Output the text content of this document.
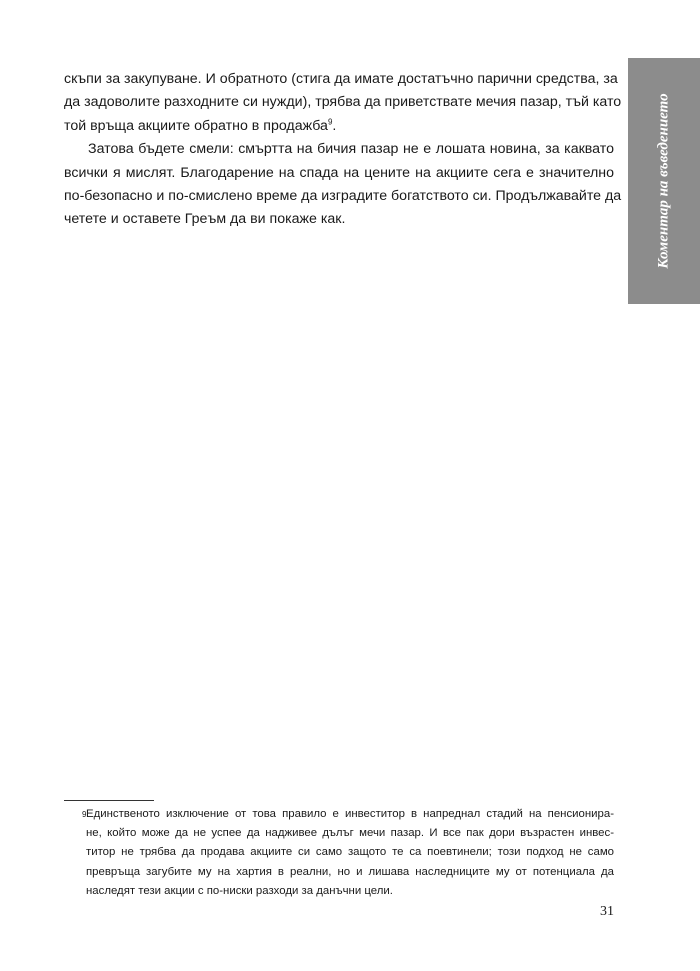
скъпи за закупуване. И обратното (стига да имате достатъчно парични средства, за
да задоволите разходните си нужди), трябва да приветствате мечия пазар, тъй като
той връща акциите обратно в продажба$^9$.

Затова бъдете смели: смъртта на бичия пазар не е лошата новина, за каквато
всички я мислят. Благодарение на спада на цените на акциите сега е значително
по-безопасно и по-смислено време да изградите богатството си. Продължавайте да
четете и оставете Греъм да ви покаже как.	Коментар на въведението
9 Единственото изключение от това правило е инвеститор в напреднал стадий на пенсионира-
не, който може да не успее да надживее дълъг мечи пазар. И все пак дори възрастен инвес-
титор не трябва да продава акциите си само защото те са поевтинели; този подход не само
превръща загубите му на хартия в реални, но и лишава наследниците му от потенциала да
наследят тези акции с по-ниски разходи за данъчни цели.
31
